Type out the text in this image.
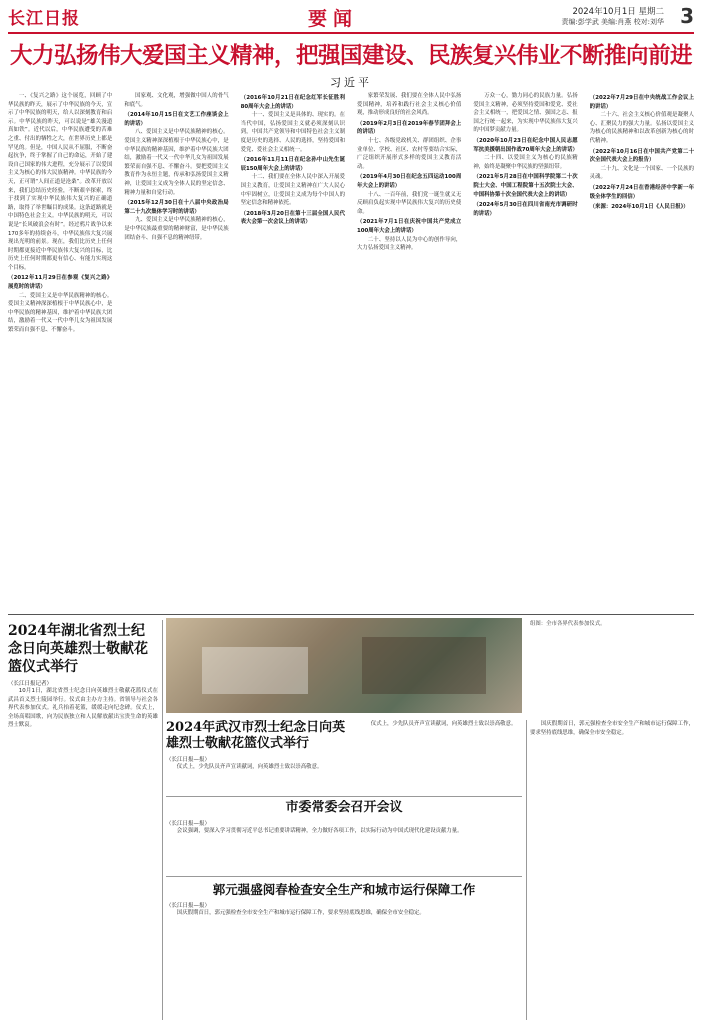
长江日报	要闻	2024年10月1日 星期二
责编:彭学武 美编:肖燕 校对:刘华 3
大力弘扬伟大爱国主义精神，把强国建设、民族复兴伟业不断推向前进
习近平

一、《复兴之路》这个展览，回顾了中华民族的昨天，展示了中华民族的今天，宣示了中华民族的明天，给人以深刻教育和启示。中华民族的昨天，可以说是“雄关漫道真如铁”。近代以后，中华民族遭受的苦难之重、付出的牺牲之大，在世界历史上都是罕见的。但是，中国人民从不屈服，不断奋起抗争，终于掌握了自己的命运，开始了建设自己国家的伟大进程，充分展示了以爱国主义为核心的伟大民族精神。中华民族的今天，正可谓“人间正道是沧桑”。改革开放以来，我们总结历史经验，不断艰辛探索，终于找到了实现中华民族伟大复兴的正确道路，取得了举世瞩目的成果。这条道路就是中国特色社会主义。中华民族的明天，可以说是“长风破浪会有时”。经过鸦片战争以来170多年的持续奋斗，中华民族伟大复兴展现出光明的前景。现在，我们比历史上任何时期都更接近中华民族伟大复兴的目标，比历史上任何时期都更有信心、有能力实现这个目标。

（2012年11月29日在参观《复兴之路》展览时的讲话）

二、爱国主义是中华民族精神的核心。爱国主义精神深深植根于中华民族心中，是中华民族的精神基因，维护着中华民族大团结，激励着一代又一代中华儿女为祖国发展繁荣而自强不息、不懈奋斗。

国家观、文化观，增强做中国人的骨气和底气。

（2014年10月15日在文艺工作座谈会上的讲话）

八、爱国主义是中华民族精神的核心。爱国主义精神深深植根于中华民族心中，是中华民族的精神基因，维护着中华民族大团结，激励着一代又一代中华儿女为祖国发展繁荣而自强不息、不懈奋斗。要把爱国主义教育作为永恒主题，传承和弘扬爱国主义精神，让爱国主义成为全体人民的坚定信念、精神力量和自觉行动。

（2015年12月30日在十八届中央政治局第二十九次集体学习时的讲话）

九、爱国主义是中华民族精神的核心，是中华民族最重要的精神财富，是中华民族团结奋斗、自强不息的精神纽带。

（2016年10月21日在纪念红军长征胜利80周年大会上的讲话）

十一、爱国主义是具体的、现实的。在当代中国，弘扬爱国主义就必须深刻认识到，中国共产党领导和中国特色社会主义制度是历史的选择、人民的选择，坚持爱国和爱党、爱社会主义相统一。

（2016年11月11日在纪念孙中山先生诞辰150周年大会上的讲话）

十二、我们要在全体人民中深入开展爱国主义教育，让爱国主义精神在广大人民心中牢固树立，让爱国主义成为每个中国人的坚定信念和精神依托。

（2018年3月20日在第十三届全国人民代表大会第一次会议上的讲话）

家繁荣发展、我们要在全体人民中弘扬爱国精神，培养和践行社会主义核心价值观，推动形成良好的社会风尚。

（2019年2月3日在2019年春节团拜会上的讲话）

十七、各级党政机关、群团组织、企事业单位、学校、社区、农村等要结合实际，广泛组织开展形式多样的爱国主义教育活动。

（2019年4月30日在纪念五四运动100周年大会上的讲话）

十八、一百年前，我们党一诞生就义无反顾肩负起实现中华民族伟大复兴的历史使命。

（2021年7月1日在庆祝中国共产党成立100周年大会上的讲话）

二十、坚持以人民为中心的创作导向，大力弘扬爱国主义精神。

万众一心，勠力同心的民族力量。弘扬爱国主义精神，必须坚持爱国和爱党、爱社会主义相统一，把爱国之情、强国之志、报国之行统一起来，为实现中华民族伟大复兴的中国梦贡献力量。

（2020年10月23日在纪念中国人民志愿军抗美援朝出国作战70周年大会上的讲话）

二十四、以爱国主义为核心的民族精神，始终是凝聚中华民族的坚强纽带。

（2021年5月28日在中国科学院第二十次院士大会、中国工程院第十五次院士大会、中国科协第十次全国代表大会上的讲话）

（2024年5月30日在四川省南充市调研时的讲话）

（2022年7月29日在中央统战工作会议上的讲话）

二十六、社会主义核心价值观是凝聚人心、汇聚民力的强大力量。弘扬以爱国主义为核心的民族精神和以改革创新为核心的时代精神。

（2022年10月16日在中国共产党第二十次全国代表大会上的报告）

二十九、文化是一个国家、一个民族的灵魂。

（2022年7月24日在香港经济中学新一年级全体学生的回信）

（来源：2024年10月1日《人民日报》）

2024年湖北省烈士纪念日向英雄烈士敬献花篮仪式举行
（长江日报记者）

10月1日，湖北省烈士纪念日向英雄烈士敬献花篮仪式在武昌首义烈士陵园举行。仪式由主办方主持。省领导与社会各界代表参加仪式。礼兵抬着花篮，缓缓走向纪念碑。仪式上，全场高唱国歌，向为民族独立和人民解放献出宝贵生命的英雄烈士默哀。

组图：全市各界代表参加仪式。
2024年武汉市烈士纪念日向英雄烈士敬献花篮仪式举行
（长江日报—报）

仪式上，少先队员齐声宣读献词，向英雄烈士致以崇高敬意。

仪式上，少先队员齐声宣读献词，向英雄烈士致以崇高敬意。

市委常委会召开会议
（长江日报—报）

会议强调，要深入学习贯彻习近平总书记重要讲话精神，全力做好各项工作，以实际行动为中国式现代化建设贡献力量。

郭元强盛阅春检查安全生产和城市运行保障工作
（长江日报—报）

国庆假期首日，郭元强检查全市安全生产和城市运行保障工作，要求坚持底线思维，确保全市安全稳定。

国庆假期首日，郭元强检查全市安全生产和城市运行保障工作，要求坚持底线思维，确保全市安全稳定。
